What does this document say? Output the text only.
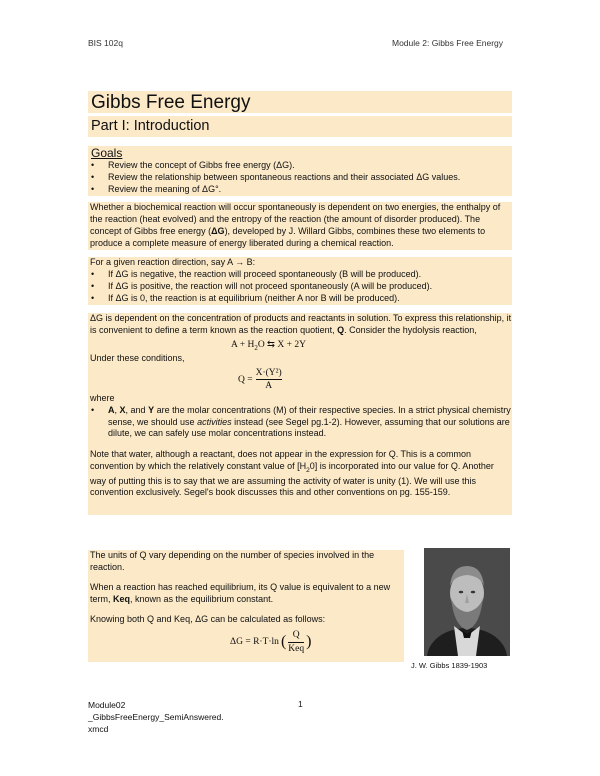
BIS 102q	Module 2: Gibbs Free Energy
Gibbs Free Energy
Part I: Introduction
Goals
• Review the concept of Gibbs free energy (ΔG).
• Review the relationship between spontaneous reactions and their associated ΔG values.
• Review the meaning of ΔG°.

Whether a biochemical reaction will occur spontaneously is dependent on two energies, the enthalpy of the reaction (heat evolved) and the entropy of the reaction (the amount of disorder produced). The concept of Gibbs free energy (ΔG), developed by J. Willard Gibbs, combines these two elements to produce a complete measure of energy liberated during a chemical reaction.

For a given reaction direction, say A → B:

• If ΔG is negative, the reaction will proceed spontaneously (B will be produced).
• If ΔG is positive, the reaction will not proceed spontaneously (A will be produced).
• If ΔG is 0, the reaction is at equilibrium (neither A nor B will be produced).

ΔG is dependent on the concentration of products and reactants in solution. To express this relationship, it is convenient to define a term known as the reaction quotient, Q. Consider the hydolysis reaction,

$A + H_2O$ ⇆ X + 2Y

Under these conditions,

$Q = \frac{\text{X·(Y²)}}{A}$

where

• A, X, and Y are the molar concentrations (M) of their respective species. In a strict physical chemistry sense, we should use activities instead (see Segel pg.1-2). However, assuming that our solutions are dilute, we can safely use molar concentrations instead.

Note that water, although a reactant, does not appear in the expression for Q. This is a common convention by which the relatively constant value of $[H_20]$ is incorporated into our value for Q. Another way of putting this is to say that we are assuming the activity of water is unity (1). We will use this convention exclusively. Segel's book discusses this and other conventions on pg. 155-159.

The units of Q vary depending on the number of species involved in the reaction.

When a reaction has reached equilibrium, its Q value is equivalent to a new term, Keq, known as the equilibrium constant.

Knowing both Q and Keq, ΔG can be calculated as follows:

ΔG = R·T·ln ( $\frac{Q}{\text{Keq}}$ )
J. W. Gibbs 1839-1903
Module02
_GibbsFreeEnergy_SemiAnswered.
xmcd
1
